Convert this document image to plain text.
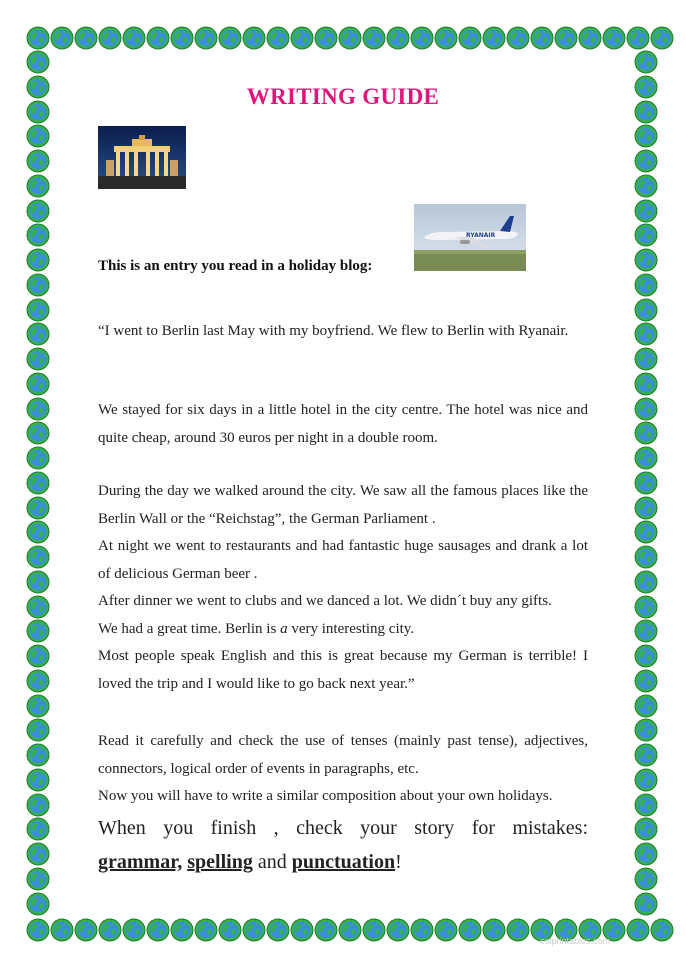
WRITING GUIDE
RYANAIR
This is an entry you read in a holiday blog:

“I went to Berlin last May with my boyfriend. We flew to Berlin with Ryanair.

We stayed for six days in a little hotel in the city centre. The hotel was nice and quite cheap, around 30 euros per night in a double room.

During the day we walked around the city. We saw all the famous places like the Berlin Wall or the “Reichstag”, the German Parliament .

At night we went to restaurants and had fantastic huge sausages and drank a lot of delicious German beer .

After dinner we went to clubs and we danced a lot. We didn´t buy any gifts.

We had a great time. Berlin is a very interesting city.

Most people speak English and this is great because my German is terrible! I loved the trip and I would like to go back next year.”

Read it carefully and check the use of tenses (mainly past tense), adjectives, connectors, logical order of events in paragraphs, etc.

Now you will have to write a similar composition about your own holidays.

When you finish , check your story for mistakes:
grammar, spelling and punctuation!
eslprintables.com
